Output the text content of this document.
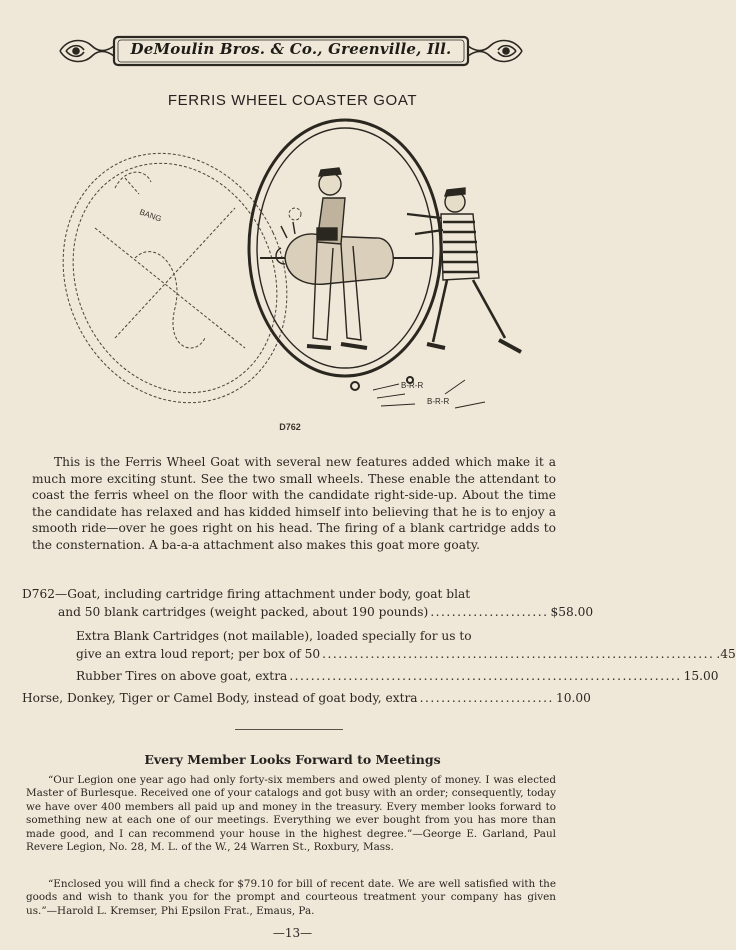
DeMoulin Bros. & Co., Greenville, Ill.
FERRIS WHEEL COASTER GOAT
BANG
B-R-R
B-R-R
D762
This is the Ferris Wheel Goat with several new features added which make it a much more exciting stunt. See the two small wheels. These enable the attendant to coast the ferris wheel on the floor with the candidate right-side-up. About the time the candidate has relaxed and has kidded himself into believing that he is to enjoy a smooth ride—over he goes right on his head. The firing of a blank cartridge adds to the consternation. A ba-a-a attachment also makes this goat more goaty.
D762—Goat, including cartridge firing attachment under body, goat blat
and 50 blank cartridges (weight packed, about 190 pounds) ...................... $58.00
Extra Blank Cartridges (not mailable), loaded specially for us to
give an extra loud report; per box of 50 ......................................................................... .45
Rubber Tires on above goat, extra ......................................................................... 15.00
Horse, Donkey, Tiger or Camel Body, instead of goat body, extra ......................... 10.00
Every Member Looks Forward to Meetings
“Our Legion one year ago had only forty-six members and owed plenty of money. I was elected Master of Burlesque. Received one of your catalogs and got busy with an order; consequently, today we have over 400 members all paid up and money in the treasury. Every member looks forward to something new at each one of our meetings. Everything we ever bought from you has more than made good, and I can recommend your house in the highest degree.”—George E. Garland, Paul Revere Legion, No. 28, M. L. of the W., 24 Warren St., Roxbury, Mass.
“Enclosed you will find a check for $79.10 for bill of recent date. We are well satisfied with the goods and wish to thank you for the prompt and courteous treatment your company has given us.”—Harold L. Kremser, Phi Epsilon Frat., Emaus, Pa.
—13—
